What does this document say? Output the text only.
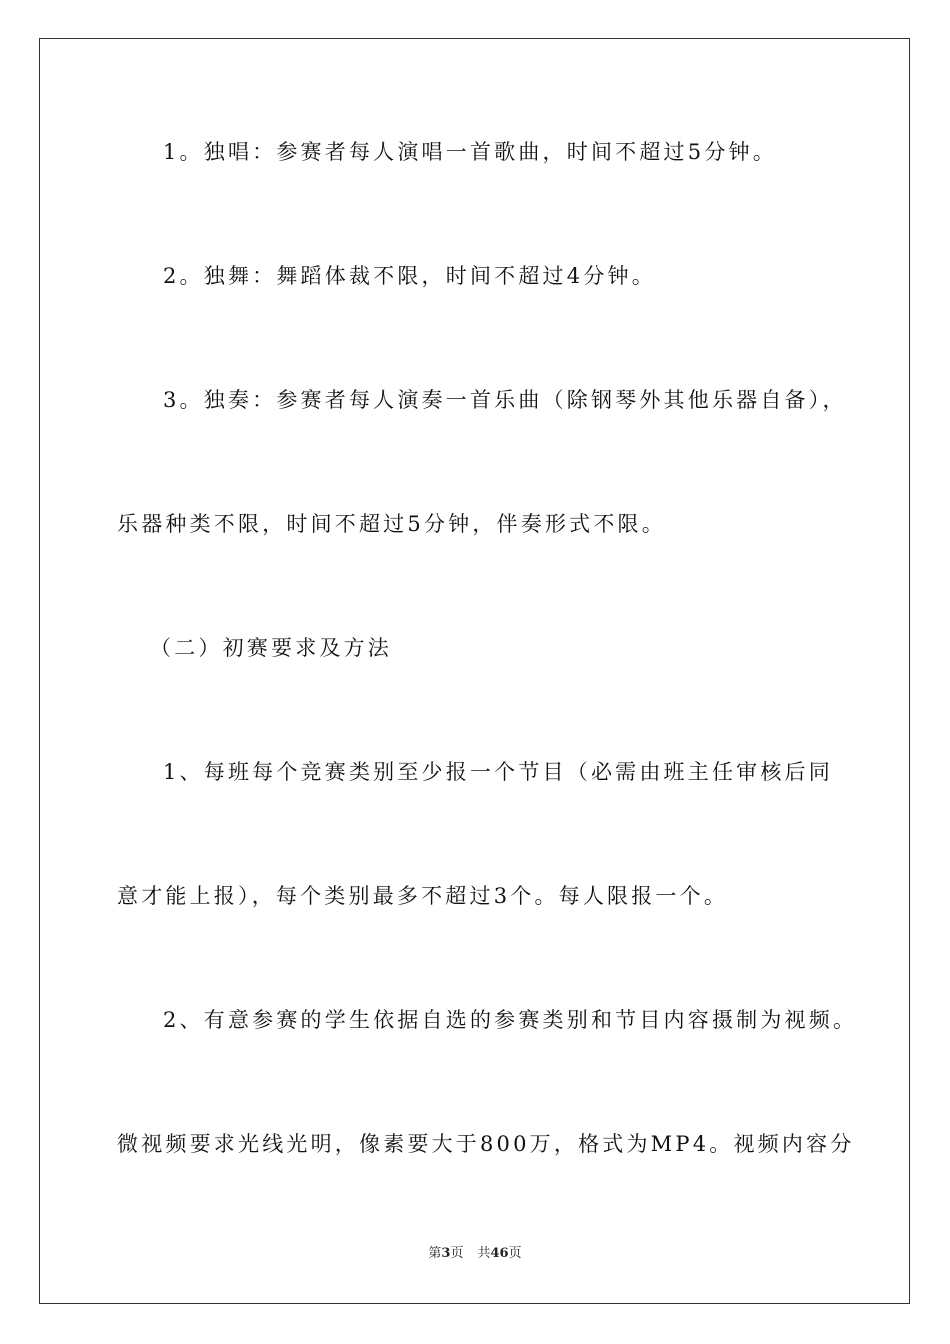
1。独唱：参赛者每人演唱一首歌曲，时间不超过5分钟。
2。独舞：舞蹈体裁不限，时间不超过4分钟。
3。独奏：参赛者每人演奏一首乐曲（除钢琴外其他乐器自备），
乐器种类不限，时间不超过5分钟，伴奏形式不限。
（二）初赛要求及方法
1、每班每个竞赛类别至少报一个节目（必需由班主任审核后同
意才能上报），每个类别最多不超过3个。每人限报一个。
2、有意参赛的学生依据自选的参赛类别和节目内容摄制为视频。
微视频要求光线光明，像素要大于800万，格式为MP4。视频内容分
第3页 共46页
